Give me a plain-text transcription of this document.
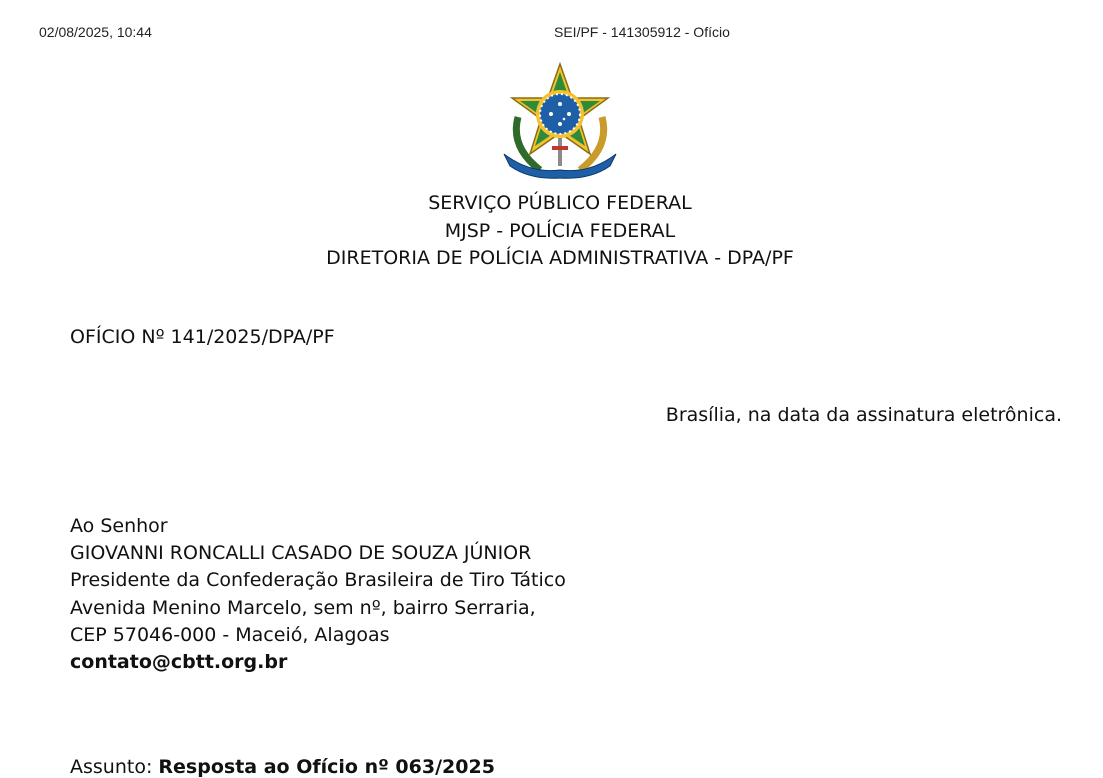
02/08/2025, 10:44	SEI/PF - 141305912 - Ofício
SERVIÇO PÚBLICO FEDERAL
MJSP - POLÍCIA FEDERAL
DIRETORIA DE POLÍCIA ADMINISTRATIVA - DPA/PF
OFÍCIO Nº 141/2025/DPA/PF
Brasília, na data da assinatura eletrônica.
Ao Senhor
GIOVANNI RONCALLI CASADO DE SOUZA JÚNIOR
Presidente da Confederação Brasileira de Tiro Tático
Avenida Menino Marcelo, sem nº, bairro Serraria,
CEP 57046-000 - Maceió, Alagoas
contato@cbtt.org.br
Assunto: Resposta ao Ofício nº 063/2025
